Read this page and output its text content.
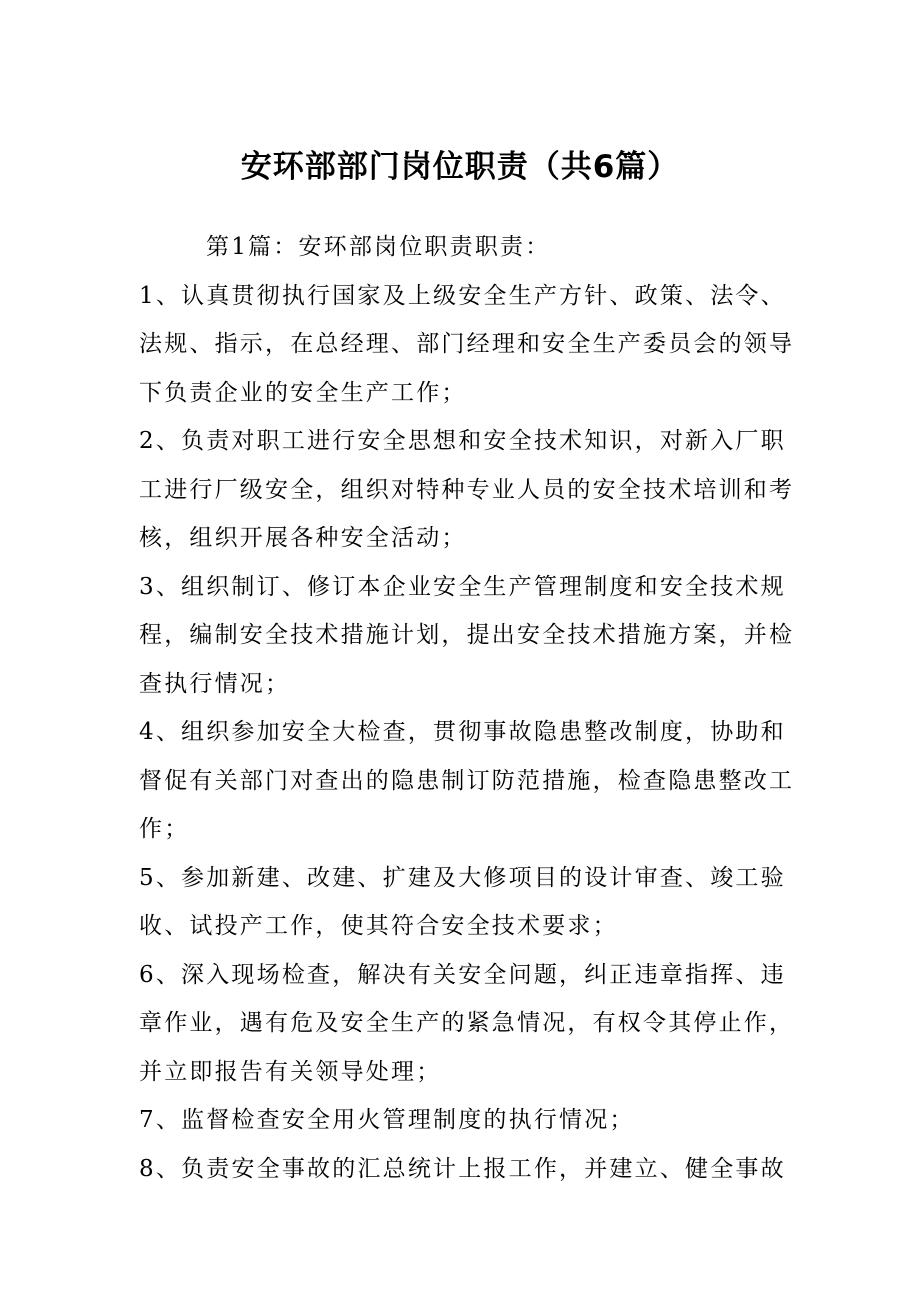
安环部部门岗位职责（共6篇）
第1篇：安环部岗位职责职责：
1、认真贯彻执行国家及上级安全生产方针、政策、法令、
法规、指示，在总经理、部门经理和安全生产委员会的领导
下负责企业的安全生产工作；
2、负责对职工进行安全思想和安全技术知识，对新入厂职
工进行厂级安全，组织对特种专业人员的安全技术培训和考
核，组织开展各种安全活动；
3、组织制订、修订本企业安全生产管理制度和安全技术规
程，编制安全技术措施计划，提出安全技术措施方案，并检
查执行情况；
4、组织参加安全大检查，贯彻事故隐患整改制度，协助和
督促有关部门对查出的隐患制订防范措施，检查隐患整改工
作；
5、参加新建、改建、扩建及大修项目的设计审查、竣工验
收、试投产工作，使其符合安全技术要求；
6、深入现场检查，解决有关安全问题，纠正违章指挥、违
章作业，遇有危及安全生产的紧急情况，有权令其停止作，
并立即报告有关领导处理；
7、监督检查安全用火管理制度的执行情况；
8、负责安全事故的汇总统计上报工作，并建立、健全事故
